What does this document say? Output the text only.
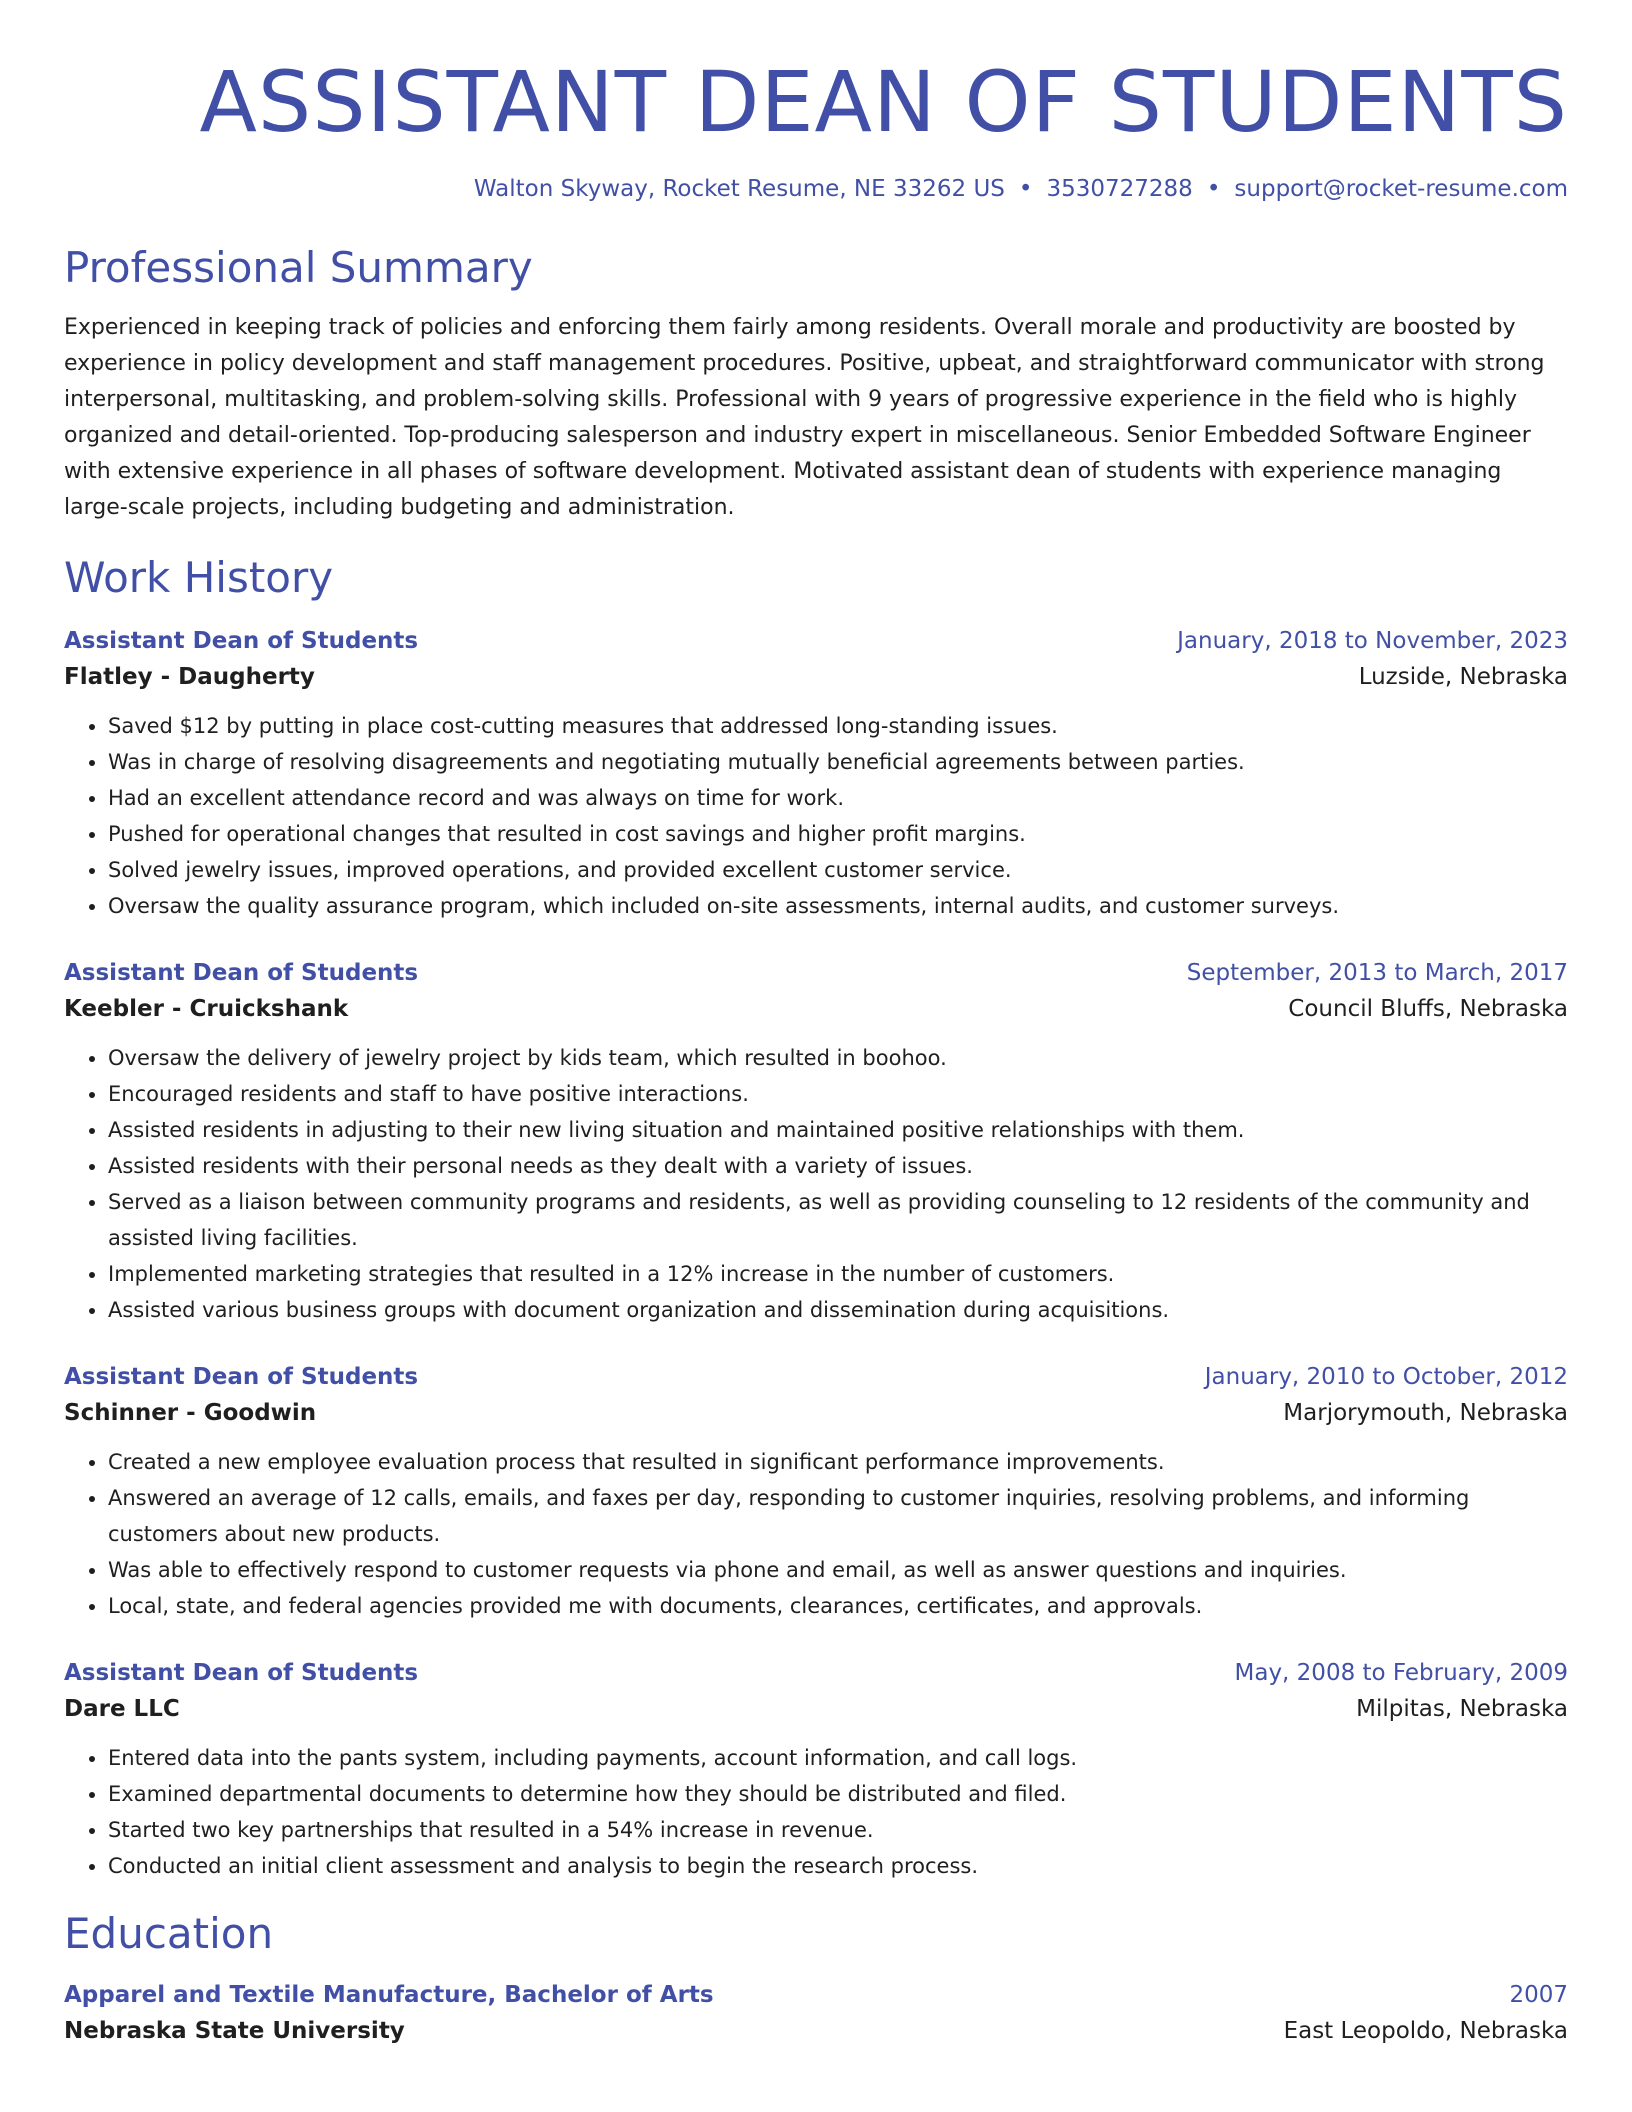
ASSISTANT DEAN OF STUDENTS
Walton Skyway, Rocket Resume, NE 33262 US • 3530727288 • support@rocket-resume.com
Professional Summary
Experienced in keeping track of policies and enforcing them fairly among residents. Overall morale and productivity are boosted by experience in policy development and staff management procedures. Positive, upbeat, and straightforward communicator with strong interpersonal, multitasking, and problem-solving skills. Professional with 9 years of progressive experience in the field who is highly organized and detail-oriented. Top-producing salesperson and industry expert in miscellaneous. Senior Embedded Software Engineer with extensive experience in all phases of software development. Motivated assistant dean of students with experience managing large-scale projects, including budgeting and administration.
Work History
Assistant Dean of Students	January, 2018 to November, 2023
Flatley - Daugherty	Luzside, Nebraska
• Saved $12 by putting in place cost-cutting measures that addressed long-standing issues.
• Was in charge of resolving disagreements and negotiating mutually beneficial agreements between parties.
• Had an excellent attendance record and was always on time for work.
• Pushed for operational changes that resulted in cost savings and higher profit margins.
• Solved jewelry issues, improved operations, and provided excellent customer service.
• Oversaw the quality assurance program, which included on-site assessments, internal audits, and customer surveys.
Assistant Dean of Students	September, 2013 to March, 2017
Keebler - Cruickshank	Council Bluffs, Nebraska
• Oversaw the delivery of jewelry project by kids team, which resulted in boohoo.
• Encouraged residents and staff to have positive interactions.
• Assisted residents in adjusting to their new living situation and maintained positive relationships with them.
• Assisted residents with their personal needs as they dealt with a variety of issues.
• Served as a liaison between community programs and residents, as well as providing counseling to 12 residents of the community and assisted living facilities.
• Implemented marketing strategies that resulted in a 12% increase in the number of customers.
• Assisted various business groups with document organization and dissemination during acquisitions.
Assistant Dean of Students	January, 2010 to October, 2012
Schinner - Goodwin	Marjorymouth, Nebraska
• Created a new employee evaluation process that resulted in significant performance improvements.
• Answered an average of 12 calls, emails, and faxes per day, responding to customer inquiries, resolving problems, and informing customers about new products.
• Was able to effectively respond to customer requests via phone and email, as well as answer questions and inquiries.
• Local, state, and federal agencies provided me with documents, clearances, certificates, and approvals.
Assistant Dean of Students	May, 2008 to February, 2009
Dare LLC	Milpitas, Nebraska
• Entered data into the pants system, including payments, account information, and call logs.
• Examined departmental documents to determine how they should be distributed and filed.
• Started two key partnerships that resulted in a 54% increase in revenue.
• Conducted an initial client assessment and analysis to begin the research process.
Education
Apparel and Textile Manufacture, Bachelor of Arts	2007
Nebraska State University	East Leopoldo, Nebraska
